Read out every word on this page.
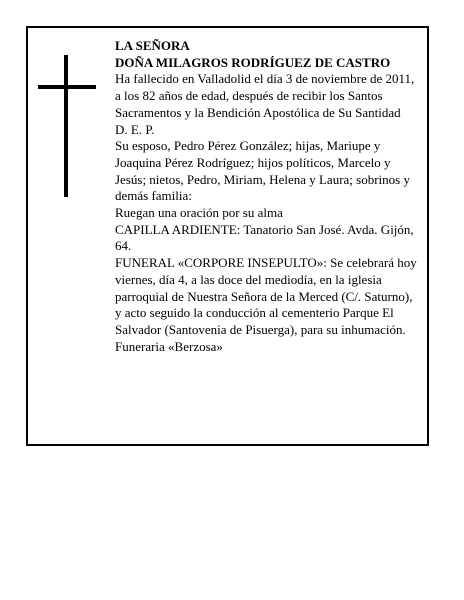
LA SEÑORA

DOÑA MILAGROS RODRÍGUEZ DE CASTRO

Ha fallecido en Valladolid el día 3 de noviembre de 2011, a los 82 años de edad, después de recibir los Santos Sacramentos y la Bendición Apostólica de Su Santidad

D. E. P.

Su esposo, Pedro Pérez González; hijas, Mariupe y Joaquina Pérez Rodríguez; hijos políticos, Marcelo y Jesús; nietos, Pedro, Miriam, Helena y Laura; sobrinos y demás familia:

Ruegan una oración por su alma

CAPILLA ARDIENTE: Tanatorio San José. Avda. Gijón, 64.

FUNERAL «CORPORE INSEPULTO»: Se celebrará hoy viernes, día 4, a las doce del mediodía, en la iglesia parroquial de Nuestra Señora de la Merced (C/. Saturno), y acto seguido la conducción al cementerio Parque El Salvador (Santovenia de Pisuerga), para su inhumación.

Funeraria «Berzosa»
